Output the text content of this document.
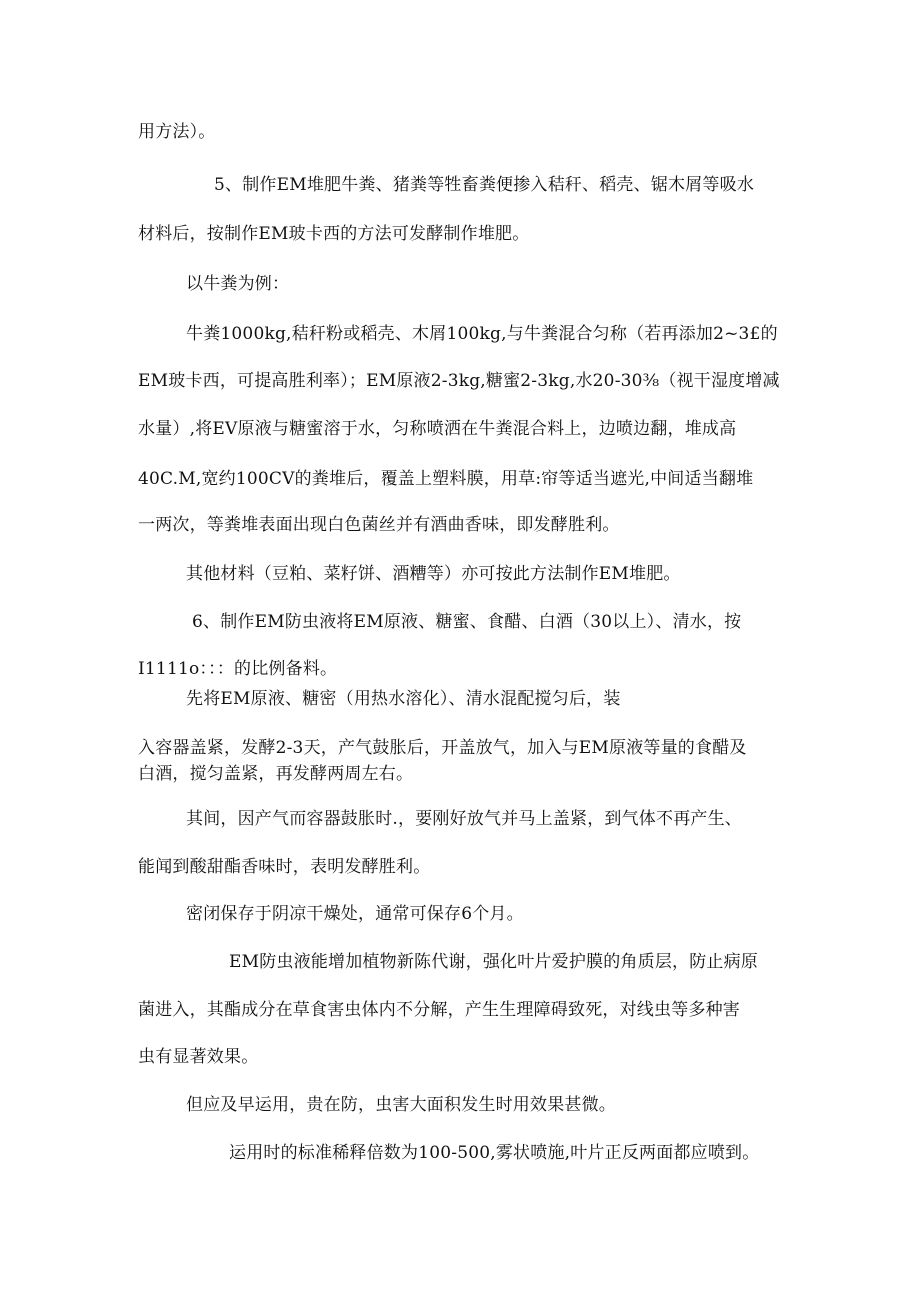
用方法）。

5、制作EM堆肥牛粪、猪粪等牲畜粪便掺入秸秆、稻壳、锯木屑等吸水

材料后，按制作EM玻卡西的方法可发酵制作堆肥。

以牛粪为例：

牛粪1000kg,秸秆粉或稻壳、木屑100kg,与牛粪混合匀称（若再添加2~3£的

EM玻卡西，可提高胜利率）；EM原液2-3kg,糖蜜2-3kg,水20-30⅜（视干湿度增减

水量）,将EV原液与糖蜜溶于水，匀称喷洒在牛粪混合料上，边喷边翻，堆成高

40C.M,宽约100CV的粪堆后，覆盖上塑料膜，用草:帘等适当遮光,中间适当翻堆

一两次，等粪堆表面出现白色菌丝并有酒曲香味，即发酵胜利。

其他材料（豆粕、菜籽饼、酒糟等）亦可按此方法制作EM堆肥。

6、制作EM防虫液将EM原液、糖蜜、食醋、白酒（30以上）、清水，按

I1111o：：：的比例备料。

先将EM原液、糖密（用热水溶化）、清水混配搅匀后，装

入容器盖紧，发酵2-3天，产气鼓胀后，开盖放气，加入与EM原液等量的食醋及

白酒，搅匀盖紧，再发酵两周左右。

其间，因产气而容器鼓胀时.，要刚好放气并马上盖紧，到气体不再产生、

能闻到酸甜酯香味时，表明发酵胜利。

密闭保存于阴凉干燥处，通常可保存6个月。

EM防虫液能增加植物新陈代谢，强化叶片爱护膜的角质层，防止病原

菌进入，其酯成分在草食害虫体内不分解，产生生理障碍致死，对线虫等多种害

虫有显著效果。

但应及早运用，贵在防，虫害大面积发生时用效果甚微。

运用时的标准稀释倍数为100-500,雾状喷施,叶片正反两面都应喷到。
